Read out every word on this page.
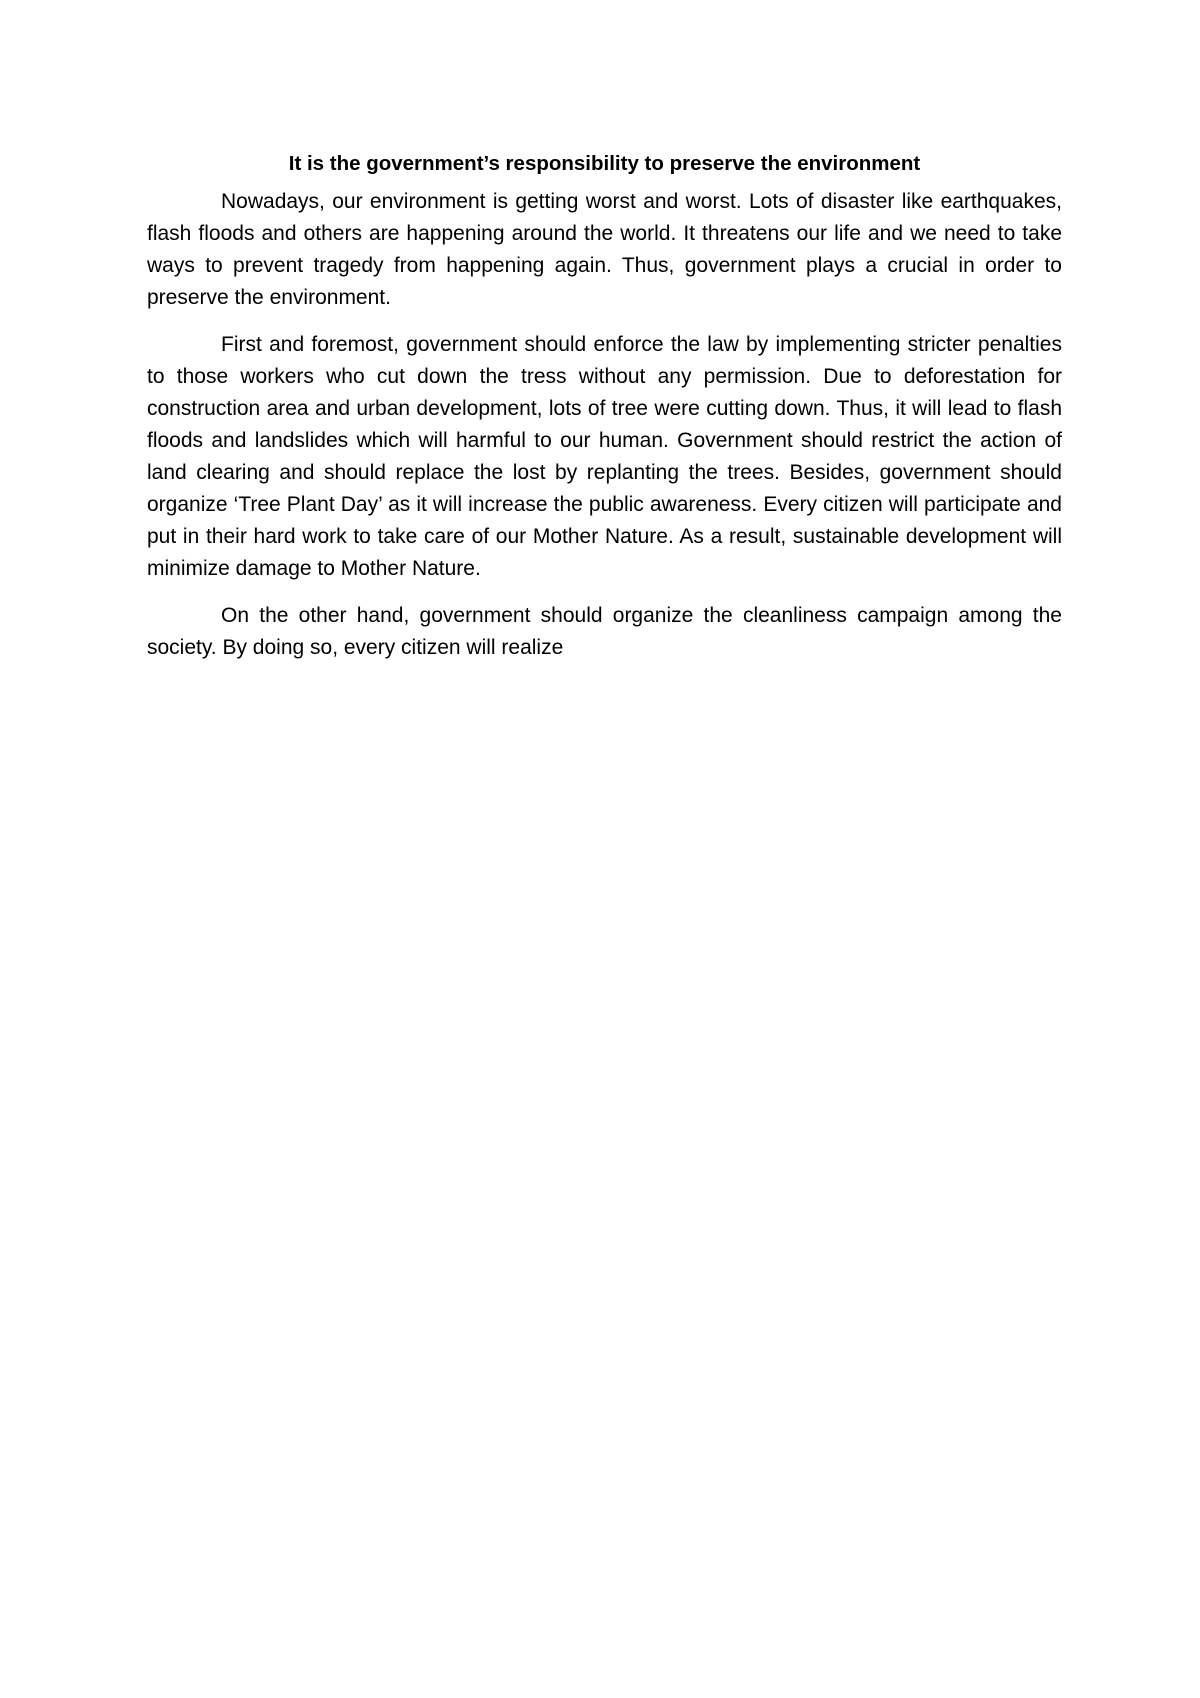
It is the government’s responsibility to preserve the environment

Nowadays, our environment is getting worst and worst. Lots of disaster like earthquakes, flash floods and others are happening around the world. It threatens our life and we need to take ways to prevent tragedy from happening again. Thus, government plays a crucial in order to preserve the environment.

First and foremost, government should enforce the law by implementing stricter penalties to those workers who cut down the tress without any permission. Due to deforestation for construction area and urban development, lots of tree were cutting down. Thus, it will lead to flash floods and landslides which will harmful to our human. Government should restrict the action of land clearing and should replace the lost by replanting the trees. Besides, government should organize ‘Tree Plant Day’ as it will increase the public awareness. Every citizen will participate and put in their hard work to take care of our Mother Nature. As a result, sustainable development will minimize damage to Mother Nature.

On the other hand, government should organize the cleanliness campaign among the society. By doing so, every citizen will realize
